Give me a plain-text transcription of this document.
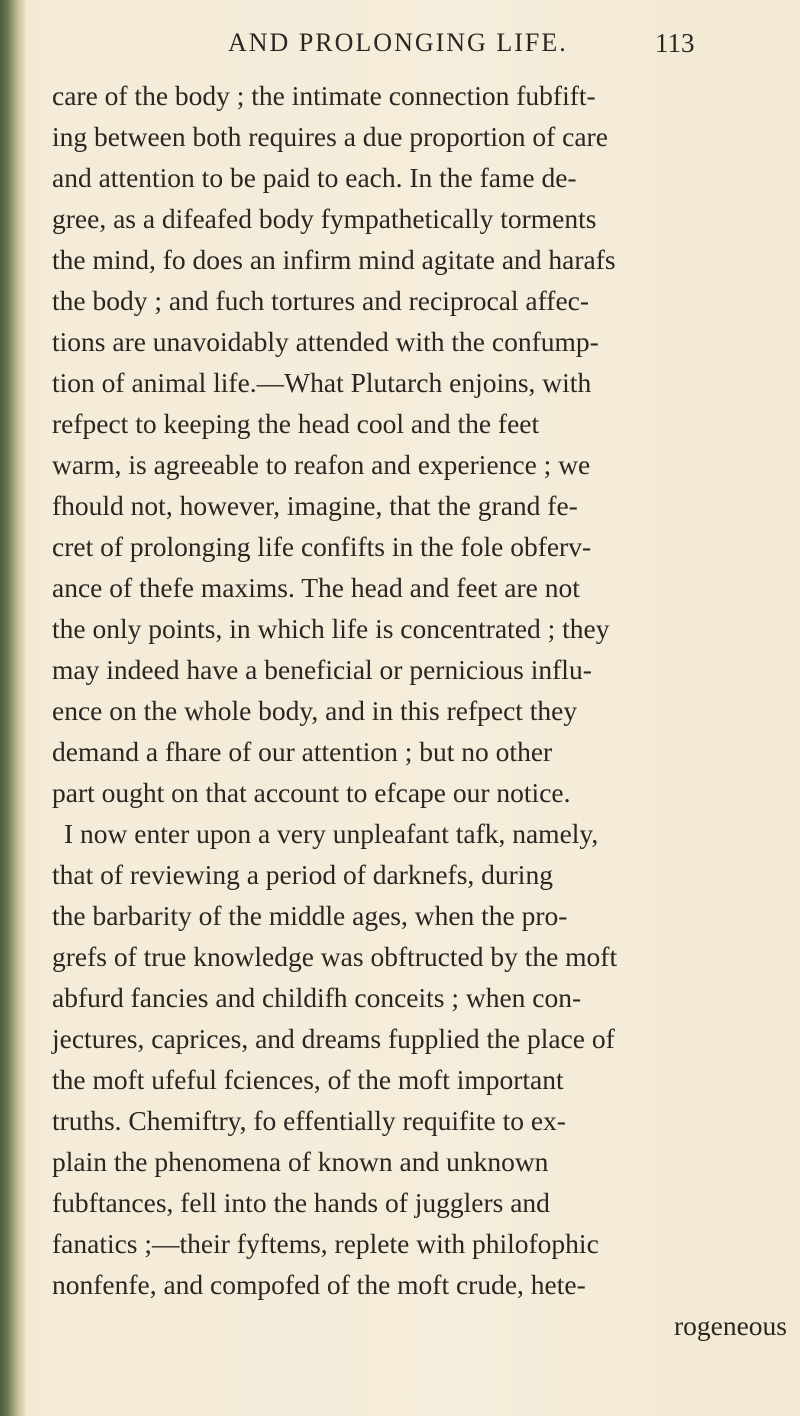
AND PROLONGING LIFE.	113
care of the body ; the intimate connection fubfift-
ing between both requires a due proportion of care
and attention to be paid to each. In the fame de-
gree, as a difeafed body fympathetically torments
the mind, fo does an infirm mind agitate and harafs
the body ; and fuch tortures and reciprocal affec-
tions are unavoidably attended with the confump-
tion of animal life.—What Plutarch enjoins, with
refpect to keeping the head cool and the feet
warm, is agreeable to reafon and experience ; we
fhould not, however, imagine, that the grand fe-
cret of prolonging life confifts in the fole obferv-
ance of thefe maxims. The head and feet are not
the only points, in which life is concentrated ; they
may indeed have a beneficial or pernicious influ-
ence on the whole body, and in this refpect they
demand a fhare of our attention ; but no other
part ought on that account to efcape our notice.
I now enter upon a very unpleafant tafk, namely,
that of reviewing a period of darknefs, during
the barbarity of the middle ages, when the pro-
grefs of true knowledge was obftructed by the moft
abfurd fancies and childifh conceits ; when con-
jectures, caprices, and dreams fupplied the place of
the moft ufeful fciences, of the moft important
truths. Chemiftry, fo effentially requifite to ex-
plain the phenomena of known and unknown
fubftances, fell into the hands of jugglers and
fanatics ;—their fyftems, replete with philofophic
nonfenfe, and compofed of the moft crude, hete-
rogeneous
